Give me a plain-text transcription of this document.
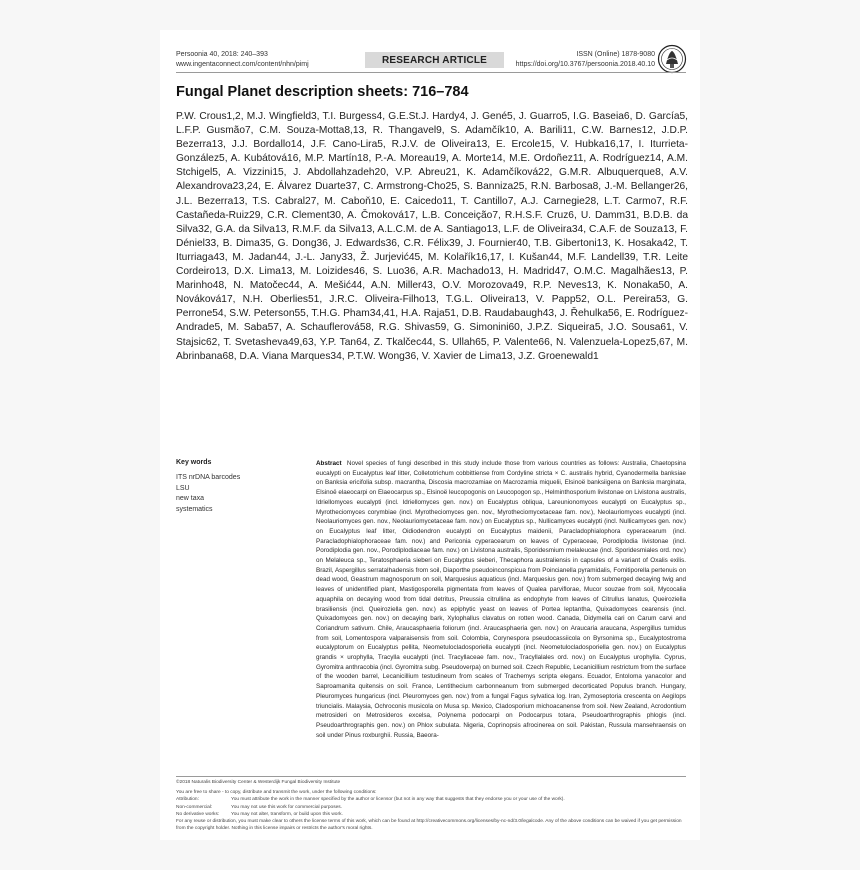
Persoonia 40, 2018: 240–393
www.ingentaconnect.com/content/nhn/pimj	RESEARCH ARTICLE	ISSN (Online) 1878-9080
https://doi.org/10.3767/persoonia.2018.40.10
Fungal Planet description sheets: 716–784
P.W. Crous1,2, M.J. Wingfield3, T.I. Burgess4, G.E.St.J. Hardy4, J. Gené5, J. Guarro5, I.G. Baseia6, D. García5, L.F.P. Gusmão7, C.M. Souza-Motta8,13, R. Thangavel9, S. Adamčík10, A. Barili11, C.W. Barnes12, J.D.P. Bezerra13, J.J. Bordallo14, J.F. Cano-Lira5, R.J.V. de Oliveira13, E. Ercole15, V. Hubka16,17, I. Iturrieta-González5, A. Kubátová16, M.P. Martín18, P.-A. Moreau19, A. Morte14, M.E. Ordoñez11, A. Rodríguez14, A.M. Stchigel5, A. Vizzini15, J. Abdollahzadeh20, V.P. Abreu21, K. Adamčíková22, G.M.R. Albuquerque8, A.V. Alexandrova23,24, E. Álvarez Duarte37, C. Armstrong-Cho25, S. Banniza25, R.N. Barbosa8, J.-M. Bellanger26, J.L. Bezerra13, T.S. Cabral27, M. Caboň10, E. Caicedo11, T. Cantillo7, A.J. Carnegie28, L.T. Carmo7, R.F. Castañeda-Ruiz29, C.R. Clement30, A. Čmoková17, L.B. Conceição7, R.H.S.F. Cruz6, U. Damm31, B.D.B. da Silva32, G.A. da Silva13, R.M.F. da Silva13, A.L.C.M. de A. Santiago13, L.F. de Oliveira34, C.A.F. de Souza13, F. Déniel33, B. Dima35, G. Dong36, J. Edwards36, C.R. Félix39, J. Fournier40, T.B. Gibertoni13, K. Hosaka42, T. Iturriaga43, M. Jadan44, J.-L. Jany33, Ž. Jurjević45, M. Kolařík16,17, I. Kušan44, M.F. Landell39, T.R. Leite Cordeiro13, D.X. Lima13, M. Loizides46, S. Luo36, A.R. Machado13, H. Madrid47, O.M.C. Magalhães13, P. Marinho48, N. Matočec44, A. Mešić44, A.N. Miller43, O.V. Morozova49, R.P. Neves13, K. Nonaka50, A. Nováková17, N.H. Oberlies51, J.R.C. Oliveira-Filho13, T.G.L. Oliveira13, V. Papp52, O.L. Pereira53, G. Perrone54, S.W. Peterson55, T.H.G. Pham34,41, H.A. Raja51, D.B. Raudabaugh43, J. Řehulka56, E. Rodríguez-Andrade5, M. Saba57, A. Schauflerová58, R.G. Shivas59, G. Simonini60, J.P.Z. Siqueira5, J.O. Sousa61, V. Stajsic62, T. Svetasheva49,63, Y.P. Tan64, Z. Tkalčec44, S. Ullah65, P. Valente66, N. Valenzuela-Lopez5,67, M. Abrinbana68, D.A. Viana Marques34, P.T.W. Wong36, V. Xavier de Lima13, J.Z. Groenewald1
Key words
ITS nrDNA barcodes
LSU
new taxa
systematics
Abstract Novel species of fungi described in this study include those from various countries as follows: Australia, Chaetopsina eucalypti on Eucalyptus leaf litter, Colletotrichum cobbittiense from Cordyline stricta × C. australis hybrid, Cyanodermella banksiae on Banksia ericifolia subsp. macrantha, Discosia macrozamiae on Macrozamia miquelii, Elsinoë banksiigena on Banksia marginata, Elsinoë elaeocarpi on Elaeocarpus sp., Elsinoë leucopogonis on Leucopogon sp., Helminthosporium livistonae on Livistona australis, Idriellomyces eucalypti (incl. Idriellomyces gen. nov.) on Eucalyptus obliqua, Lareunionomyces eucalypti on Eucalyptus sp., Myrotheciomyces corymbiae (incl. Myrotheciomyces gen. nov., Myrotheciomycetaceae fam. nov.), Neolauriomyces eucalypti (incl. Neolauriomyces gen. nov., Neolauriomycetaceae fam. nov.) on Eucalyptus sp., Nullicamyces eucalypti (incl. Nullicamyces gen. nov.) on Eucalyptus leaf litter, Oidiodendron eucalypti on Eucalyptus maidenii, Paracladophialophora cyperacearum (incl. Paracladophialophoraceae fam. nov.) and Periconia cyperacearum on leaves of Cyperaceae, Porodiplodia livistonae (incl. Porodiplodia gen. nov., Porodiplodiaceae fam. nov.) on Livistona australis, Sporidesmium melaleucae (incl. Sporidesmiales ord. nov.) on Melaleuca sp., Teratosphaeria sieberi on Eucalyptus sieberi, Thecaphora australiensis in capsules of a variant of Oxalis exilis. Brazil, Aspergillus serratalhadensis from soil, Diaporthe pseudoinconspicua from Poincianella pyramidalis, Fomitiporella pertenuis on dead wood, Geastrum magnosporum on soil, Marquesius aquaticus (incl. Marquesius gen. nov.) from submerged decaying twig and leaves of unidentified plant, Mastigosporella pigmentata from leaves of Qualea parviflorae, Mucor souzae from soil, Mycocalia aquaphila on decaying wood from tidal detritus, Preussia citrullina as endophyte from leaves of Citrullus lanatus, Queiroziella brasiliensis (incl. Queiroziella gen. nov.) as epiphytic yeast on leaves of Portea leptantha, Quixadomyces cearensis (incl. Quixadomyces gen. nov.) on decaying bark, Xylophallus clavatus on rotten wood. Canada, Didymella cari on Carum carvi and Coriandrum sativum. Chile, Araucasphaeria foliorum (incl. Araucasphaeria gen. nov.) on Araucaria araucana, Aspergillus tumidus from soil, Lomentospora valparaisensis from soil. Colombia, Corynespora pseudocassiicola on Byrsonima sp., Eucalyptostroma eucalyptorum on Eucalyptus pellita, Neometulocladosporiella eucalypti (incl. Neometulocladosporiella gen. nov.) on Eucalyptus grandis × urophylla, Tracylla eucalypti (incl. Tracyllaceae fam. nov., Tracyllalales ord. nov.) on Eucalyptus urophylla. Cyprus, Gyromitra anthracobia (incl. Gyromitra subg. Pseudoverpa) on burned soil. Czech Republic, Lecanicillium restrictum from the surface of the wooden barrel, Lecanicillium testudineum from scales of Trachemys scripta elegans. Ecuador, Entoloma yanacolor and Saproamanita quitensis on soil. France, Lentithecium carbonneanum from submerged decorticated Populus branch. Hungary, Pleuromyces hungaricus (incl. Pleuromyces gen. nov.) from a fungal Fagus sylvatica log. Iran, Zymoseptoria crescenta on Aegilops triuncialis. Malaysia, Ochroconis musicola on Musa sp. Mexico, Cladosporium michoacanense from soil. New Zealand, Acrodontium metrosideri on Metrosideros excelsa, Polynema podocarpi on Podocarpus totara, Pseudoarthrographis phlogis (incl. Pseudoarthrographis gen. nov.) on Phlox subulata. Nigeria, Coprinopsis afrocinerea on soil. Pakistan, Russula mansehraensis on soil under Pinus roxburghii. Russia, Baeora-
©2018 Naturalis Biodiversity Center & Westerdijk Fungal Biodiversity Institute
You are free to share - to copy, distribute and transmit the work, under the following conditions:
Attribution:	You must attribute the work in the manner specified by the author or licensor (but not in any way that suggests that they endorse you or your use of the work).
Non-commercial:	You may not use this work for commercial purposes.
No derivative works:	You may not alter, transform, or build upon this work.
For any reuse or distribution, you must make clear to others the license terms of this work, which can be found at http://creativecommons.org/licenses/by-nc-nd/3.0/legalcode. Any of the above conditions can be waived if you get permission from the copyright holder. Nothing in this license impairs or restricts the author's moral rights.
